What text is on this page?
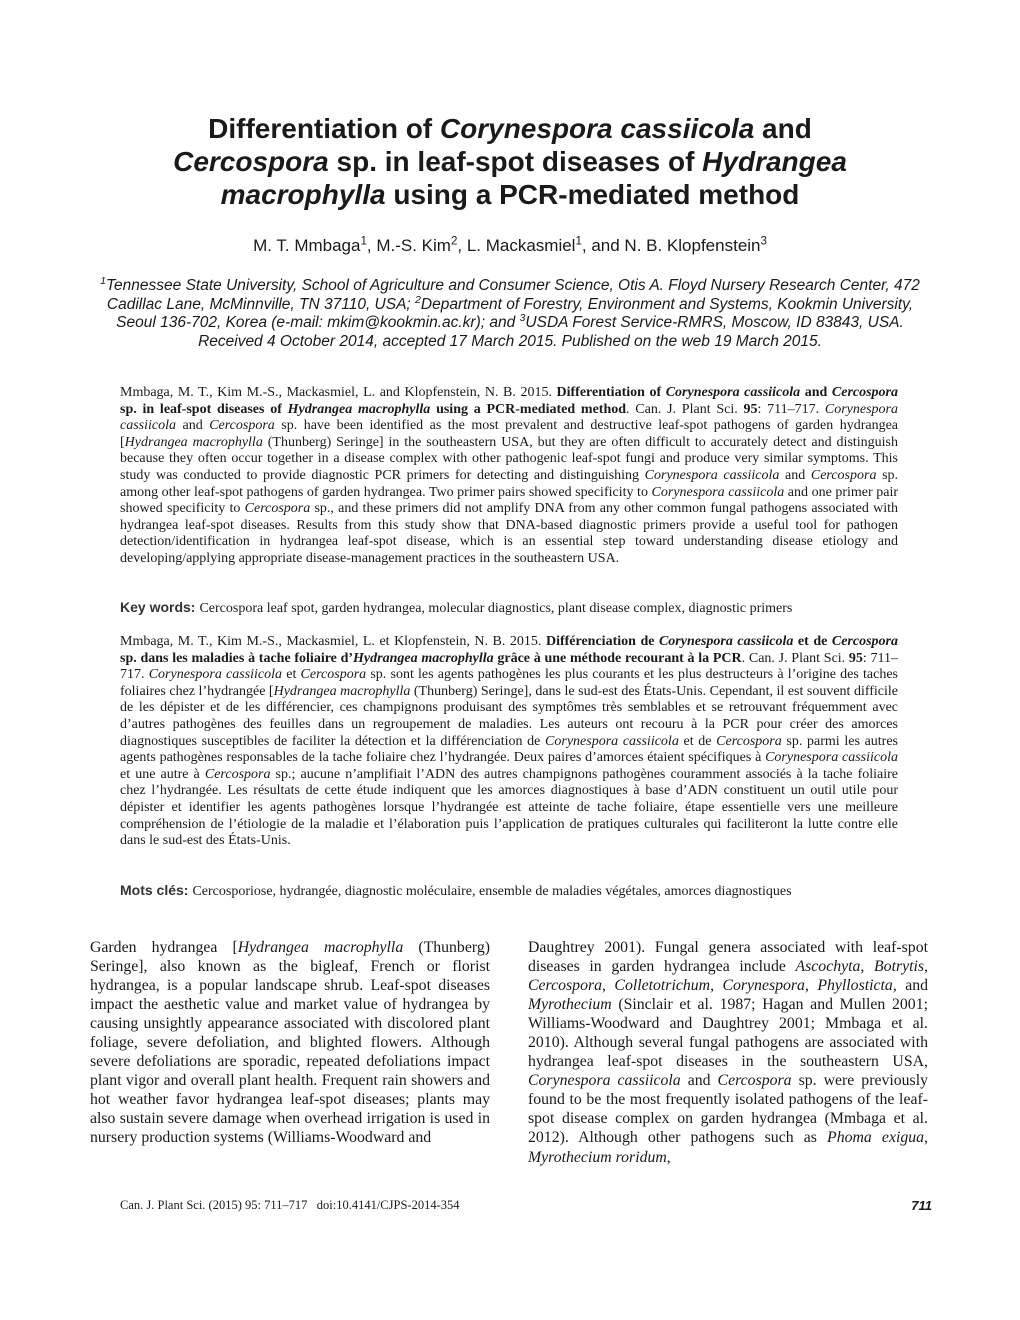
Differentiation of Corynespora cassiicola and
Cercospora sp. in leaf-spot diseases of Hydrangea
macrophylla using a PCR-mediated method
M. T. Mmbaga$^1$, M.-S. Kim$^2$, L. Mackasmiel$^1$, and N. B. Klopfenstein$^3$
$^1$Tennessee State University, School of Agriculture and Consumer Science, Otis A. Floyd Nursery Research Center, 472 Cadillac Lane, McMinnville, TN 37110, USA; $^2$Department of Forestry, Environment and Systems, Kookmin University, Seoul 136-702, Korea (e-mail: mkim@kookmin.ac.kr); and $^3$USDA Forest Service-RMRS, Moscow, ID 83843, USA.
Received 4 October 2014, accepted 17 March 2015. Published on the web 19 March 2015.
Mmbaga, M. T., Kim M.-S., Mackasmiel, L. and Klopfenstein, N. B. 2015. Differentiation of Corynespora cassiicola and Cercospora sp. in leaf-spot diseases of Hydrangea macrophylla using a PCR-mediated method. Can. J. Plant Sci. 95: 711–717. Corynespora cassiicola and Cercospora sp. have been identified as the most prevalent and destructive leaf-spot pathogens of garden hydrangea [Hydrangea macrophylla (Thunberg) Seringe] in the southeastern USA, but they are often difficult to accurately detect and distinguish because they often occur together in a disease complex with other pathogenic leaf-spot fungi and produce very similar symptoms. This study was conducted to provide diagnostic PCR primers for detecting and distinguishing Corynespora cassiicola and Cercospora sp. among other leaf-spot pathogens of garden hydrangea. Two primer pairs showed specificity to Corynespora cassiicola and one primer pair showed specificity to Cercospora sp., and these primers did not amplify DNA from any other common fungal pathogens associated with hydrangea leaf-spot diseases. Results from this study show that DNA-based diagnostic primers provide a useful tool for pathogen detection/identification in hydrangea leaf-spot disease, which is an essential step toward understanding disease etiology and developing/applying appropriate disease-management practices in the southeastern USA.
Key words: Cercospora leaf spot, garden hydrangea, molecular diagnostics, plant disease complex, diagnostic primers
Mmbaga, M. T., Kim M.-S., Mackasmiel, L. et Klopfenstein, N. B. 2015. Différenciation de Corynespora cassiicola et de Cercospora sp. dans les maladies à tache foliaire d’Hydrangea macrophylla grâce à une méthode recourant à la PCR. Can. J. Plant Sci. 95: 711–717. Corynespora cassiicola et Cercospora sp. sont les agents pathogènes les plus courants et les plus destructeurs à l’origine des taches foliaires chez l’hydrangée [Hydrangea macrophylla (Thunberg) Seringe], dans le sud-est des États-Unis. Cependant, il est souvent difficile de les dépister et de les différencier, ces champignons produisant des symptômes très semblables et se retrouvant fréquemment avec d’autres pathogènes des feuilles dans un regroupement de maladies. Les auteurs ont recouru à la PCR pour créer des amorces diagnostiques susceptibles de faciliter la détection et la différenciation de Corynespora cassiicola et de Cercospora sp. parmi les autres agents pathogènes responsables de la tache foliaire chez l’hydrangée. Deux paires d’amorces étaient spécifiques à Corynespora cassiicola et une autre à Cercospora sp.; aucune n’amplifiait l’ADN des autres champignons pathogènes couramment associés à la tache foliaire chez l’hydrangée. Les résultats de cette étude indiquent que les amorces diagnostiques à base d’ADN constituent un outil utile pour dépister et identifier les agents pathogènes lorsque l’hydrangée est atteinte de tache foliaire, étape essentielle vers une meilleure compréhension de l’étiologie de la maladie et l’élaboration puis l’application de pratiques culturales qui faciliteront la lutte contre elle dans le sud-est des États-Unis.
Mots clés: Cercosporiose, hydrangée, diagnostic moléculaire, ensemble de maladies végétales, amorces diagnostiques
Garden hydrangea [Hydrangea macrophylla (Thunberg) Seringe], also known as the bigleaf, French or florist hydrangea, is a popular landscape shrub. Leaf-spot diseases impact the aesthetic value and market value of hydrangea by causing unsightly appearance associated with discolored plant foliage, severe defoliation, and blighted flowers. Although severe defoliations are sporadic, repeated defoliations impact plant vigor and overall plant health. Frequent rain showers and hot weather favor hydrangea leaf-spot diseases; plants may also sustain severe damage when overhead irrigation is used in nursery production systems (Williams-Woodward and
Daughtrey 2001). Fungal genera associated with leaf-spot diseases in garden hydrangea include Ascochyta, Botrytis, Cercospora, Colletotrichum, Corynespora, Phyllosticta, and Myrothecium (Sinclair et al. 1987; Hagan and Mullen 2001; Williams-Woodward and Daughtrey 2001; Mmbaga et al. 2010). Although several fungal pathogens are associated with hydrangea leaf-spot diseases in the southeastern USA, Corynespora cassiicola and Cercospora sp. were previously found to be the most frequently isolated pathogens of the leaf-spot disease complex on garden hydrangea (Mmbaga et al. 2012). Although other pathogens such as Phoma exigua, Myrothecium roridum,
Can. J. Plant Sci. (2015) 95: 711–717   doi:10.4141/CJPS-2014-354	711
